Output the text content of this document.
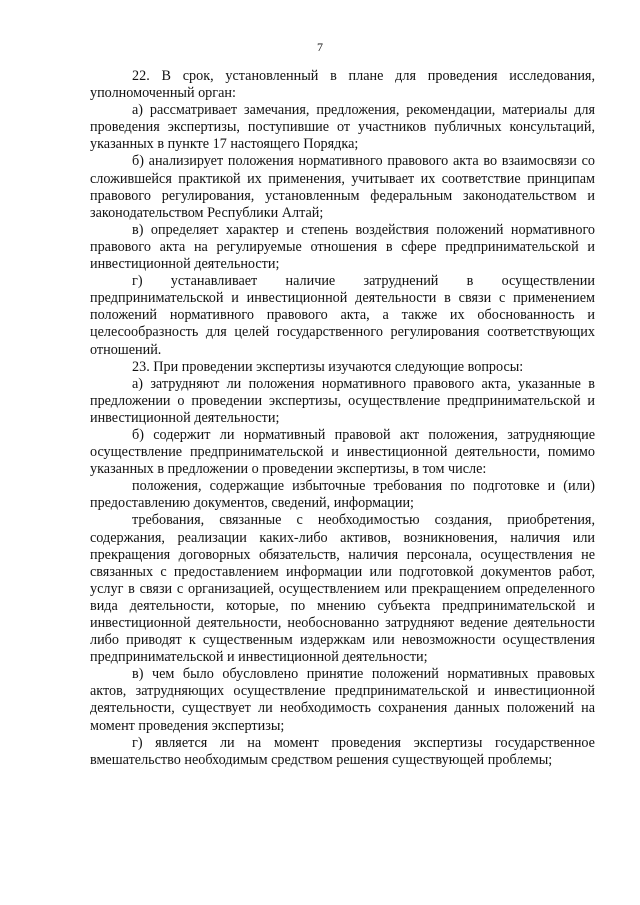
7

22. В срок, установленный в плане для проведения исследования, уполномоченный орган:

а) рассматривает замечания, предложения, рекомендации, материалы для проведения экспертизы, поступившие от участников публичных консультаций, указанных в пункте 17 настоящего Порядка;

б) анализирует положения нормативного правового акта во взаимосвязи со сложившейся практикой их применения, учитывает их соответствие принципам правового регулирования, установленным федеральным законодательством и законодательством Республики Алтай;

в) определяет характер и степень воздействия положений нормативного правового акта на регулируемые отношения в сфере предпринимательской и инвестиционной деятельности;

г) устанавливает наличие затруднений в осуществлении предпринимательской и инвестиционной деятельности в связи с применением положений нормативного правового акта, а также их обоснованность и целесообразность для целей государственного регулирования соответствующих отношений.

23. При проведении экспертизы изучаются следующие вопросы:

а) затрудняют ли положения нормативного правового акта, указанные в предложении о проведении экспертизы, осуществление предпринимательской и инвестиционной деятельности;

б) содержит ли нормативный правовой акт положения, затрудняющие осуществление предпринимательской и инвестиционной деятельности, помимо указанных в предложении о проведении экспертизы, в том числе:

положения, содержащие избыточные требования по подготовке и (или) предоставлению документов, сведений, информации;

требования, связанные с необходимостью создания, приобретения, содержания, реализации каких-либо активов, возникновения, наличия или прекращения договорных обязательств, наличия персонала, осуществления не связанных с предоставлением информации или подготовкой документов работ, услуг в связи с организацией, осуществлением или прекращением определенного вида деятельности, которые, по мнению субъекта предпринимательской и инвестиционной деятельности, необоснованно затрудняют ведение деятельности либо приводят к существенным издержкам или невозможности осуществления предпринимательской и инвестиционной деятельности;

в) чем было обусловлено принятие положений нормативных правовых актов, затрудняющих осуществление предпринимательской и инвестиционной деятельности, существует ли необходимость сохранения данных положений на момент проведения экспертизы;

г) является ли на момент проведения экспертизы государственное вмешательство необходимым средством решения существующей проблемы;
